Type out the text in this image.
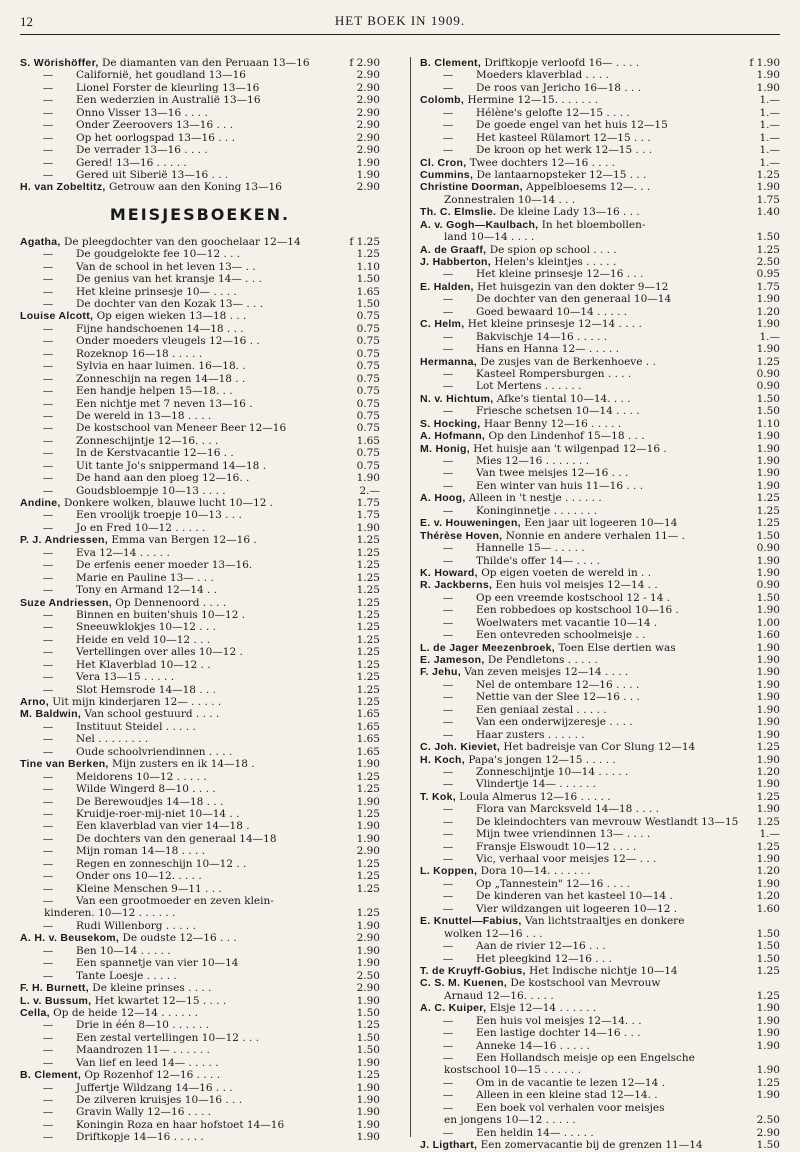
12	HET BOEK IN 1909.
S. Wörishöffer, De diamanten van den Peruaan 13—16	f 2.90
— Californië, het goudland 13—16	2.90
— Lionel Forster de kleurling 13—16	2.90
— Een wederzien in Australië 13—16	2.90
— Onno Visser 13—16 . . . .	2.90
— Onder Zeeroovers 13—16 . . .	2.90
— Op het oorlogspad 13—16 . . .	2.90
— De verrader 13—16 . . . .	2.90
— Gered! 13—16 . . . . .	1.90
— Gered uit Siberië 13—16 . . .	1.90
H. van Zobeltitz, Getrouw aan den Koning 13—16	2.90
MEISJESBOEKEN.
Agatha, De pleegdochter van den goochelaar 12—14	f 1.25
— De goudgelokte fee 10—12 . . .	1.25
— Van de school in het leven 13— . .	1.10
— De genius van het kransje 14— . . .	1.50
— Het kleine prinsesje 10— . . . .	1.65
— De dochter van den Kozak 13— . . .	1.50
Louise Alcott, Op eigen wieken 13—18 . . .	0.75
— Fijne handschoenen 14—18 . . .	0.75
— Onder moeders vleugels 12—16 . .	0.75
— Rozeknop 16—18 . . . . .	0.75
— Sylvia en haar luimen. 16—18. .	0.75
— Zonneschijn na regen 14—18 . .	0.75
— Een handje helpen 15—18. . .	0.75
— Een nichtje met 7 neven 13—16 .	0.75
— De wereld in 13—18 . . . .	0.75
— De kostschool van Meneer Beer 12—16	0.75
— Zonneschijntje 12—16. . . .	1.65
— In de Kerstvacantie 12—16 . .	0.75
— Uit tante Jo's snippermand 14—18 .	0.75
— De hand aan den ploeg 12—16. .	1.90
— Goudsbloempje 10—13 . . . .	2.—
Andine, Donkere wolken, blauwe lucht 10—12 .	1.75
— Een vroolijk troepje 10—13 . . .	1.75
— Jo en Fred 10—12 . . . . .	1.90
P. J. Andriessen, Emma van Bergen 12—16 .	1.25
— Eva 12—14 . . . . .	1.25
— De erfenis eener moeder 13—16.	1.25
— Marie en Pauline 13— . . .	1.25
— Tony en Armand 12—14 . .	1.25
Suze Andriessen, Op Dennenoord . . . .	1.25
— Binnen en buiten'shuis 10—12 .	1.25
— Sneeuwklokjes 10—12 . . .	1.25
— Heide en veld 10—12 . . .	1.25
— Vertellingen over alles 10—12 .	1.25
— Het Klaverblad 10—12 . .	1.25
— Vera 13—15 . . . . .	1.25
— Slot Hemsrode 14—18 . . .	1.25
Arno, Uit mijn kinderjaren 12— . . . . .	1.25
M. Baldwin, Van school gestuurd . . . .	1.65
— Instituut Steidel . . . . .	1.65
— Nel . . . . . . . .	1.65
— Oude schoolvriendinnen . . . .	1.65
Tine van Berken, Mijn zusters en ik 14—18 .	1.90
— Meidorens 10—12 . . . . .	1.25
— Wilde Wingerd 8—10 . . . .	1.25
— De Berewoudjes 14—18 . . .	1.90
— Kruidje-roer-mij-niet 10—14 . .	1.25
— Een klaverblad van vier 14—18 .	1.90
— De dochters van den generaal 14—18	1.90
— Mijn roman 14—18 . . . .	2.90
— Regen en zonneschijn 10—12 . .	1.25
— Onder ons 10—12. . . . .	1.25
— Kleine Menschen 9—11 . . .	1.25
— Van een grootmoeder en zeven klein-
kinderen. 10—12 . . . . . .	1.25
— Rudi Willenborg . . . . .	1.90
A. H. v. Beusekom, De oudste 12—16 . . .	2.90
— Ben 10—14 . . . . .	1.90
— Een spannetje van vier 10—14	1.90
— Tante Loesje . . . . .	2.50
F. H. Burnett, De kleine prinses . . . .	2.90
L. v. Bussum, Het kwartet 12—15 . . . .	1.90
Cella, Op de heide 12—14 . . . . . .	1.50
— Drie in één 8—10 . . . . . .	1.25
— Een zestal vertellingen 10—12 . . .	1.50
— Maandrozen 11— . . . . . .	1.50
— Van lief en leed 14— . . . . .	1.90
B. Clement, Op Rozenhof 12—16 . . . .	1.25
— Juffertje Wildzang 14—16 . . .	1.90
— De zilveren kruisjes 10—16 . . .	1.90
— Gravin Wally 12—16 . . . .	1.90
— Koningin Roza en haar hofstoet 14—16	1.90
— Driftkopje 14—16 . . . . .	1.90
B. Clement, Driftkopje verloofd 16— . . . .	f 1.90
— Moeders klaverblad . . . .	1.90
— De roos van Jericho 16—18 . . .	1.90
Colomb, Hermine 12—15. . . . . . .	1.—
— Hélène's gelofte 12—15 . . . .	1.—
— De goede engel van het huis 12—15	1.—
— Het kasteel Rülamort 12—15 . . .	1.—
— De kroon op het werk 12—15 . . .	1.—
Cl. Cron, Twee dochters 12—16 . . . .	1.—
Cummins, De lantaarnopsteker 12—15 . . .	1.25
Christine Doorman, Appelbloesems 12—. . .	1.90
Zonnestralen 10—14 . . .	1.75
Th. C. Elmslie. De kleine Lady 13—16 . . .	1.40
A. v. Gogh—Kaulbach, In het bloembollen-
land 10—14 . . . .	1.50
A. de Graaff, De spion op school . . . .	1.25
J. Habberton, Helen's kleintjes . . . . .	2.50
— Het kleine prinsesje 12—16 . . .	0.95
E. Halden, Het huisgezin van den dokter 9—12	1.75
— De dochter van den generaal 10—14	1.90
— Goed bewaard 10—14 . . . . .	1.20
C. Helm, Het kleine prinsesje 12—14 . . . .	1.90
— Bakvischje 14—16 . . . . .	1.—
— Hans en Hanna 12— . . . . .	1.90
Hermanna, De zusjes van de Berkenhoeve . .	1.25
— Kasteel Rompersburgen . . . .	0.90
— Lot Mertens . . . . . .	0.90
N. v. Hichtum, Afke's tiental 10—14. . . .	1.50
— Friesche schetsen 10—14 . . . .	1.50
S. Hocking, Haar Benny 12—16 . . . . .	1.10
A. Hofmann, Op den Lindenhof 15—18 . . .	1.90
M. Honig, Het huisje aan 't wilgenpad 12—16 .	1.90
— Mies 12—16 . . . . . . .	1.90
— Van twee meisjes 12—16 . . .	1.90
— Een winter van huis 11—16 . . .	1.90
A. Hoog, Alleen in 't nestje . . . . . .	1.25
— Koninginnetje . . . . . . .	1.25
E. v. Houweningen, Een jaar uit logeeren 10—14	1.25
Thérèse Hoven, Nonnie en andere verhalen 11— .	1.50
— Hannelle 15— . . . . .	0.90
— Thilde's offer 14— . . . .	1.90
K. Howard, Op eigen voeten de wereld in . .	1.90
R. Jackberns, Een huis vol meisjes 12—14 . .	0.90
— Op een vreemde kostschool 12 - 14 .	1.50
— Een robbedoes op kostschool 10—16 .	1.90
— Woelwaters met vacantie 10—14 .	1.00
— Een ontevreden schoolmeisje . .	1.60
L. de Jager Meezenbroek, Toen Else dertien was	1.90
E. Jameson, De Pendletons . . . . .	1.90
F. Jehu, Van zeven meisjes 12—14 . . . .	1.90
— Nel de ontembare 12—16 . . . .	1.90
— Nettie van der Slee 12—16 . . .	1.90
— Een geniaal zestal . . . . .	1.90
— Van een onderwijzeresje . . . .	1.90
— Haar zusters . . . . . .	1.90
C. Joh. Kieviet, Het badreisje van Cor Slung 12—14	1.25
H. Koch, Papa's jongen 12—15 . . . . .	1.90
— Zonneschijntje 10—14 . . . . .	1.20
— Vlindertje 14— . . . . . .	1.90
T. Kok, Loula Almerus 12—16 . . . . .	1.25
— Flora van Marcksveld 14—18 . . . .	1.90
— De kleindochters van mevrouw Westlandt 13—15	1.25
— Mijn twee vriendinnen 13— . . . .	1.—
— Fransje Elswoudt 10—12 . . . .	1.25
— Vic, verhaal voor meisjes 12— . . .	1.90
L. Koppen, Dora 10—14. . . . . . .	1.20
— Op „Tannestein" 12—16 . . . .	1.90
— De kinderen van het kasteel 10—14 .	1.20
— Vier wildzangen uit logeeren 10—12 .	1.60
E. Knuttel—Fabius, Van lichtstraaltjes en donkere
wolken 12—16 . . .	1.50
— Aan de rivier 12—16 . . .	1.50
— Het pleegkind 12—16 . . .	1.50
T. de Kruyff-Gobius, Het Indische nichtje 10—14	1.25
C. S. M. Kuenen, De kostschool van Mevrouw
Arnaud 12—16. . . . .	1.25
A. C. Kuiper, Elsje 12—14 . . . . . .	1.90
— Een huis vol meisjes 12—14. . .	1.90
— Een lastige dochter 14—16 . . .	1.90
— Anneke 14—16 . . . . .	1.90
— Een Hollandsch meisje op een Engelsche
kostschool 10—15 . . . . . .	1.90
— Om in de vacantie te lezen 12—14 .	1.25
— Alleen in een kleine stad 12—14. .	1.90
— Een boek vol verhalen voor meisjes
en jongens 10—12 . . . . .	2.50
— Een heldin 14— . . . . .	2.90
J. Ligthart, Een zomervacantie bij de grenzen 11—14	1.50
